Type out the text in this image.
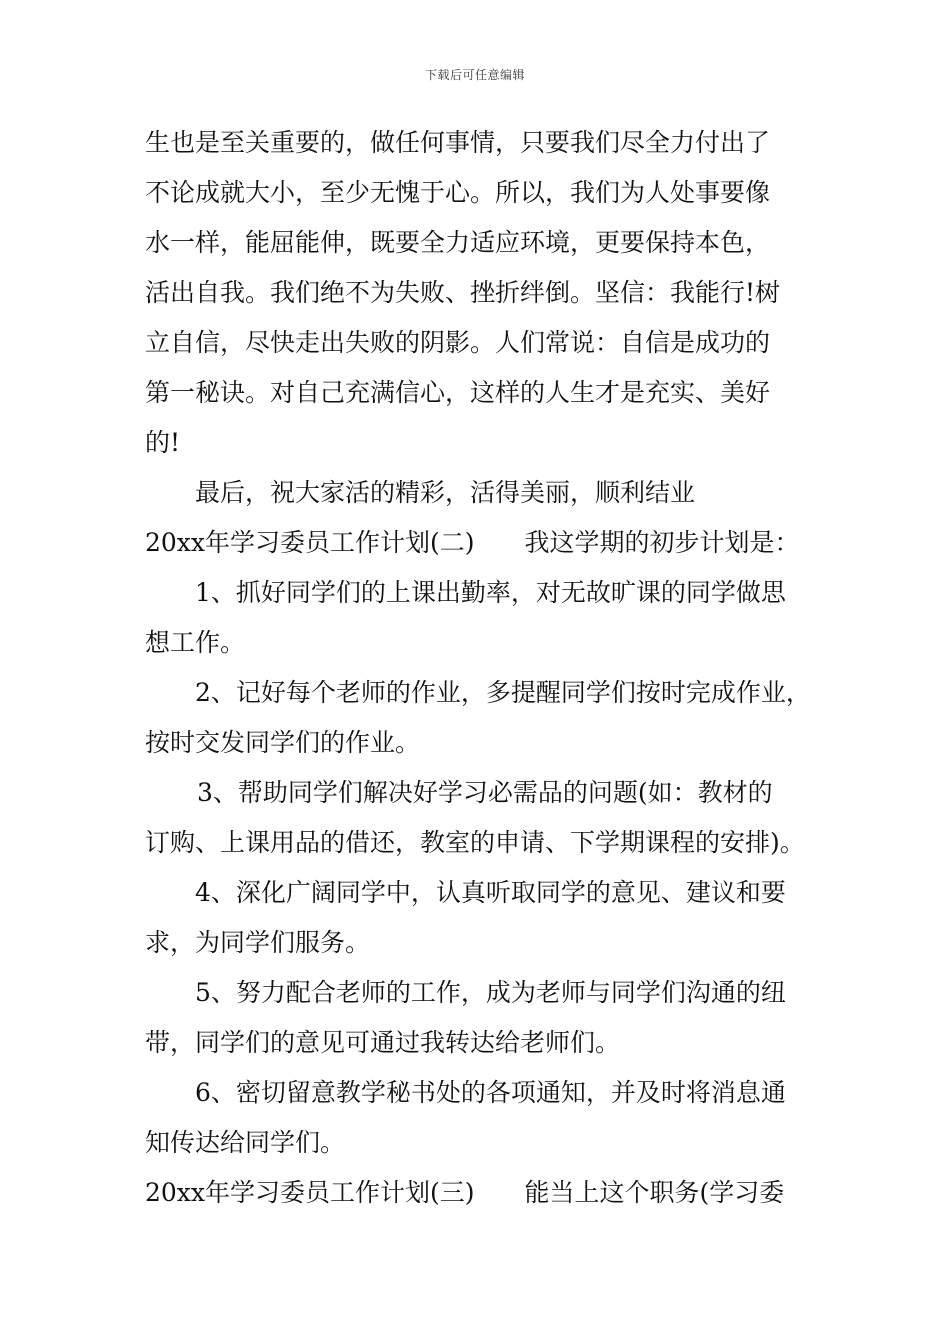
下载后可任意编辑
生也是至关重要的，做任何事情，只要我们尽全力付出了
不论成就大小，至少无愧于心。所以，我们为人处事要像
水一样，能屈能伸，既要全力适应环境，更要保持本色，
活出自我。我们绝不为失败、挫折绊倒。坚信：我能行!树
立自信，尽快走出失败的阴影。人们常说：自信是成功的
第一秘诀。对自己充满信心，这样的人生才是充实、美好
的!
最后，祝大家活的精彩，活得美丽，顺利结业
20xx年学习委员工作计划(二)　　我这学期的初步计划是：
1、抓好同学们的上课出勤率，对无故旷课的同学做思
想工作。
2、记好每个老师的作业，多提醒同学们按时完成作业，
按时交发同学们的作业。
3、帮助同学们解决好学习必需品的问题(如：教材的
订购、上课用品的借还，教室的申请、下学期课程的安排)。
4、深化广阔同学中，认真听取同学的意见、建议和要
求，为同学们服务。
5、努力配合老师的工作，成为老师与同学们沟通的纽
带，同学们的意见可通过我转达给老师们。
6、密切留意教学秘书处的各项通知，并及时将消息通
知传达给同学们。
20xx年学习委员工作计划(三)　　能当上这个职务(学习委
